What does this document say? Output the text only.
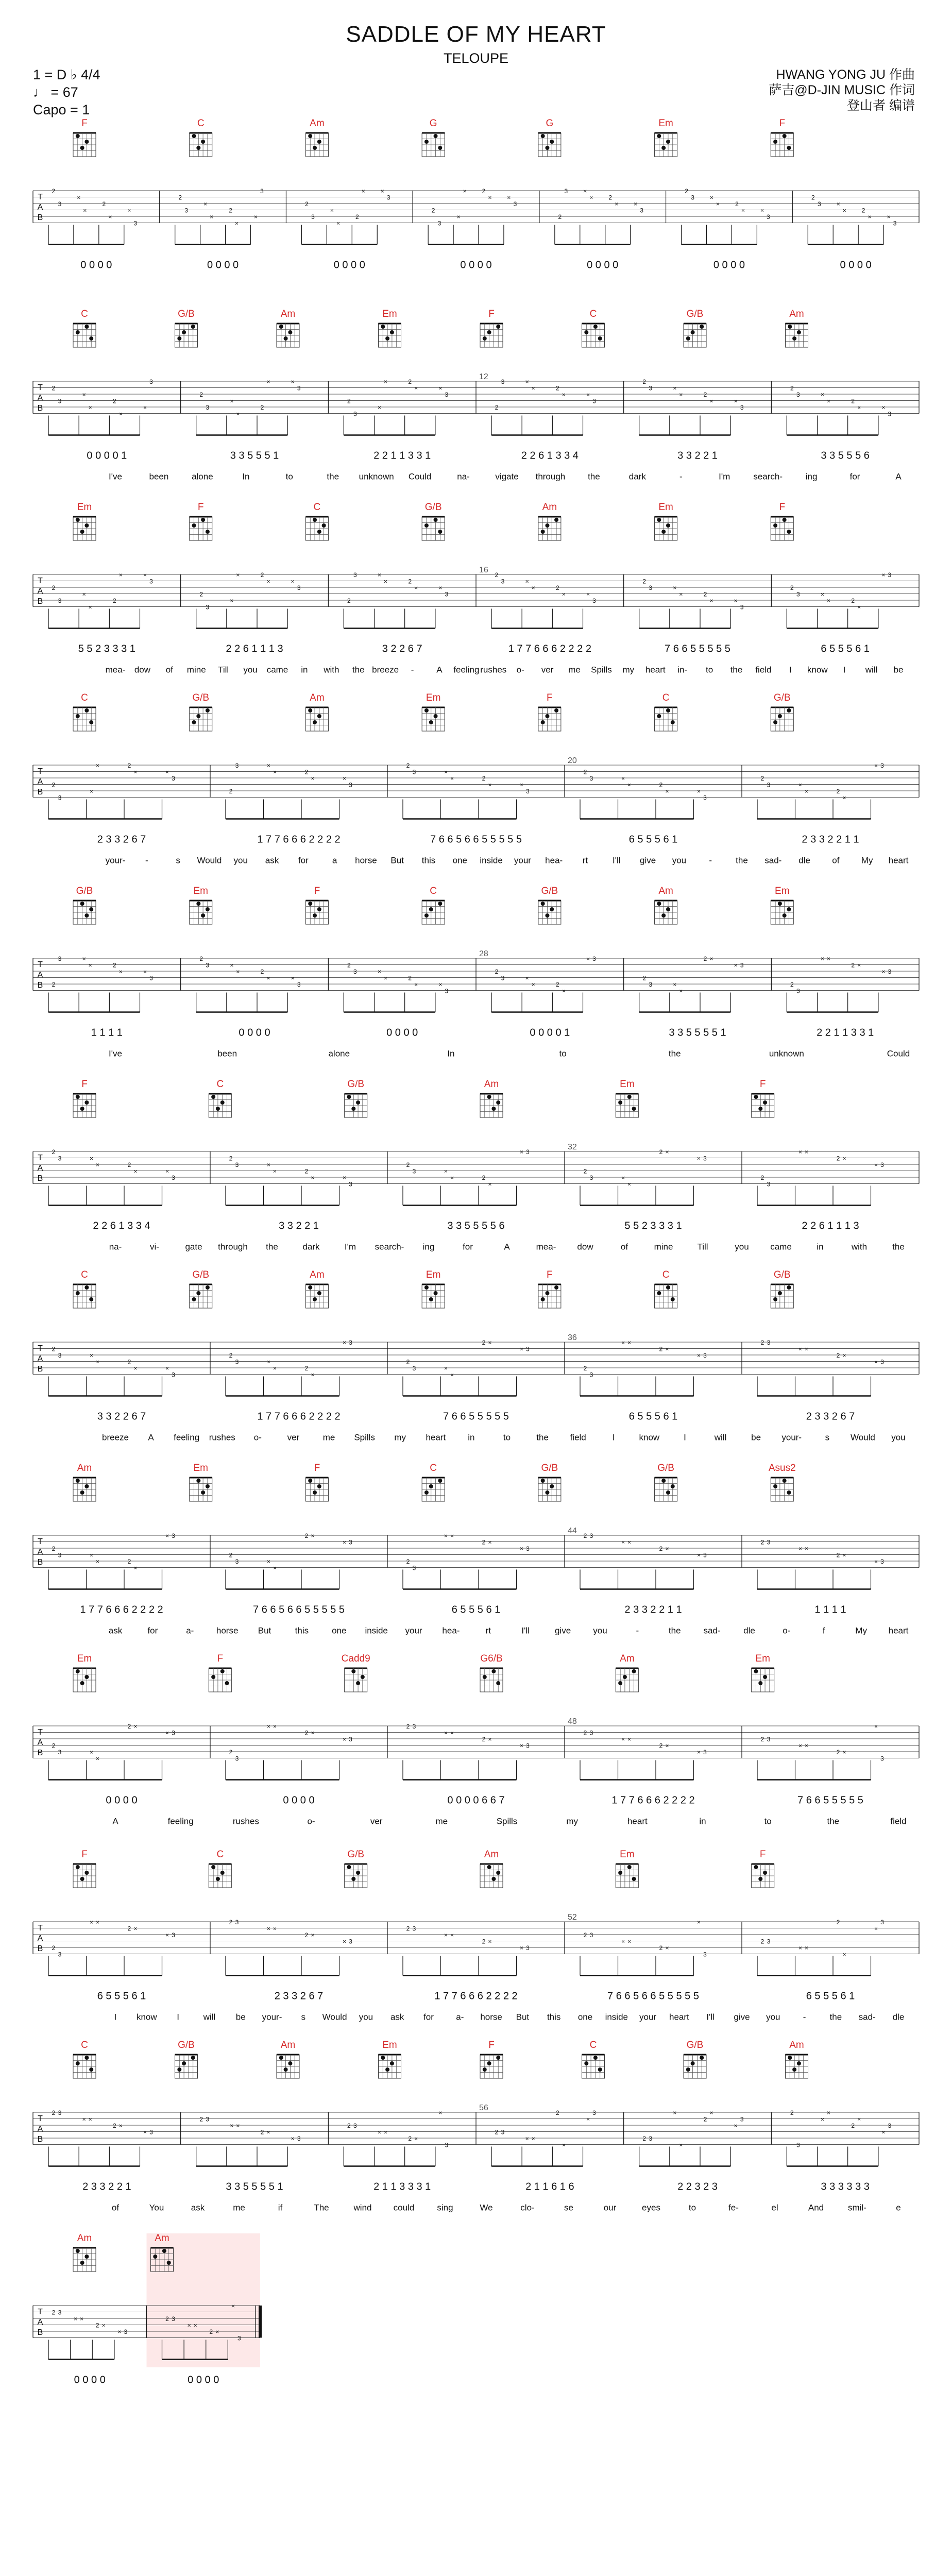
SADDLE OF MY HEART
TELOUPE
1 = D ♭ 4/4
♩ = 67
Capo = 1
HWANG YONG JU 作曲
萨吉@D-JIN MUSIC 作词
登山者 编谱
F	C	Am	G	G	Em	F
T
A
B
2
3
×
×
2
×
×
3
0 0 0 0
2
3
×
×
2
×
×
3
0 0 0 0
2
3
×
×
2
× ×
3
0 0 0 0
2
3
×
×	2
× ×
3
0 0 0 0
2
3	×
×	2
× ×
3
0 0 0 0
2
3	×
×	2
× ×
3
0 0 0 0
2
3	×
×	2
× ×
3
0 0 0 0
C	G/B	Am	Em	F	C	G/B	Am
T
A
B
12
2
3
×
×
2
×
×
3
0 0 0 0 1
2
3
×
×
2
×	×
3
3 3 5 5 5 1
2
3
×
×	2
×	×
3
2 2 1 1 3 3 1
2
3	×
×	2
×	×
3
2 2 6 1 3 3 4
2
3	×
×	2
×	×
3
3 3 2 2 1
2
3	×
×	2
×	×
3
3 3 5 5 5 6
I've	been	alone	In	to	the unknown Could	na-	vigate through	the	dark	-	I'm	search-	ing	for	A
Em	F	C	G/B	Am	Em	F
T
A
B
16
2
3
×
×
2
×	×
3
5 5 2 3 3 3 1
2
3
×
×	2
×	×
3
2 2 6 1 1 1 3
2
3	×
×	2
×	×
3
3 2 2 6 7
2
3	×
×	2
×	×
3
1 7 7 6 6 6 2 2 2 2
2
3	×
×	2
×	×
3
7 6 6 5 5 5 5 5
2
3	×
×	2
×
× 3
6 5 5 5 6 1
mea- dow of mine Till you came in with the breeze -	A feeling rushes o- ver me Spills my heart in- to the field I know I will be
C	G/B	Am	Em	F	C	G/B
T
A
B
20
2
3
×
×	2
×	×
3
2 3 3 2 6 7
2
3	×
×	2
×	×
3
1 7 7 6 6 6 2 2 2 2
2
3	×
×	2
×	×
3
7 6 6 5 6 6 5 5 5 5 5
2
3	×
×	2
×	×
3
6 5 5 5 6 1
2
3	×
×	2
×
× 3
2 3 3 2 2 1 1
your- -	s Would you ask for	a horse But this one inside your hea- rt	I'll give you	-	the sad- dle of My heart
G/B	Em	F	C	G/B	Am	Em
T
A
B
28
2
3	×
×	2
×	×
3
1 1 1 1
2
3	×
×	2
×	×
3
0 0 0 0
2
3	×
×	2
×	×
3
0 0 0 0
2
3	×
×	2
×
× 3
0 0 0 0 1
2
3	×
×
2 ×
× 3
3 3 5 5 5 5 1
2
3
× ×
2 ×
× 3
2 2 1 1 3 3 1
I've	been	alone	In	to	the	unknown	Could
F	C	G/B	Am	Em	F
T
A
B
32
2
3	×
×	2
×	×
3
2 2 6 1 3 3 4
2
3	×
×	2
×	×
3
3 3 2 2 1
2
3	×
×	2
×
× 3
3 3 5 5 5 5 6
2
3	×
×
2 ×
× 3
5 5 2 3 3 3 1
2
3
× ×
2 ×
× 3
2 2 6 1 1 1 3
na-	vi-	gate through the	dark	I'm search- ing	for	A	mea- dow	of	mine	Till	you came	in	with	the
C	G/B	Am	Em	F	C	G/B
T
A
B
36
2
3	×
×	2
×	×
3
3 3 2 2 6 7
2
3	×
×	2
×
× 3
1 7 7 6 6 6 2 2 2 2
2
3	×
×
2 ×
× 3
7 6 6 5 5 5 5 5
2
3
× ×
2 ×
× 3
6 5 5 5 6 1
2 3
× ×
2 ×
× 3
2 3 3 2 6 7
breeze A feeling rushes o-	ver	me Spills my heart	in	to	the field	I	know	I	will	be your-	s Would you
Am	Em	F	C	G/B	G/B	Asus2
T
A
B
44
2
3	×
×	2
×
× 3
1 7 7 6 6 6 2 2 2 2
2
3	×
×
2 ×
× 3
7 6 6 5 6 6 5 5 5 5 5
2
3
× ×
2 ×
× 3
6 5 5 5 6 1
2 3
× ×
2 ×
× 3
2 3 3 2 2 1 1
2 3
× ×
2 ×
× 3
1 1 1 1
ask	for	a-	horse But	this	one inside your hea-	rt	I'll	give	you	-	the	sad-	dle	o-	f	My heart
Em	F	Cadd9	G6/B	Am	Em
T
A
B
48
2
3	×
×
2 ×
× 3
0 0 0 0
2
3
× ×
2 ×
× 3
0 0 0 0
2 3
× ×
2 ×
× 3
0 0 0 0 6 6 7
2 3
× ×
2 ×
× 3
1 7 7 6 6 6 2 2 2 2
2 3
× ×
2 ×
×
3
7 6 6 5 5 5 5 5
A	feeling	rushes	o-	ver	me	Spills	my	heart	in	to	the	field
F	C	G/B	Am	Em	F
T
A
B
52
2
3
× ×
2 ×
× 3
6 5 5 5 6 1
2 3
× ×
2 ×
× 3
2 3 3 2 6 7
2 3
× ×
2 ×
× 3
1 7 7 6 6 6 2 2 2 2
2 3
× ×
2 ×
×
3
7 6 6 5 6 6 5 5 5 5 5
2 3
× ×
2
×
×
3
6 5 5 5 6 1
I know I	will be your- s Would you ask for	a- horse But this one inside your heart I'll give you	-	the sad- dle
C	G/B	Am	Em	F	C	G/B	Am
T
A
B
56
2 3
× ×
2 ×
× 3
2 3 3 2 2 1
2 3
× ×
2 ×
× 3
3 3 5 5 5 5 1
2 3
× ×
2 ×
×
3
2 1 1 3 3 3 1
2 3
× ×
2
×
×
3
2 1 1 6 1 6
2 3
×
×
2
×
×
3
2 2 3 2 3
2
3
×
×
2
×
×
3
3 3 3 3 3 3
of	You	ask	me	if	The	wind could	sing	We	clo-	se	our	eyes	to	fe-	el	And	smil-	e
Am	Am
T
A
B
2 3
× ×
2 ×
× 3
0 0 0 0
2 3
× ×
2 ×
×
3
0 0 0 0
